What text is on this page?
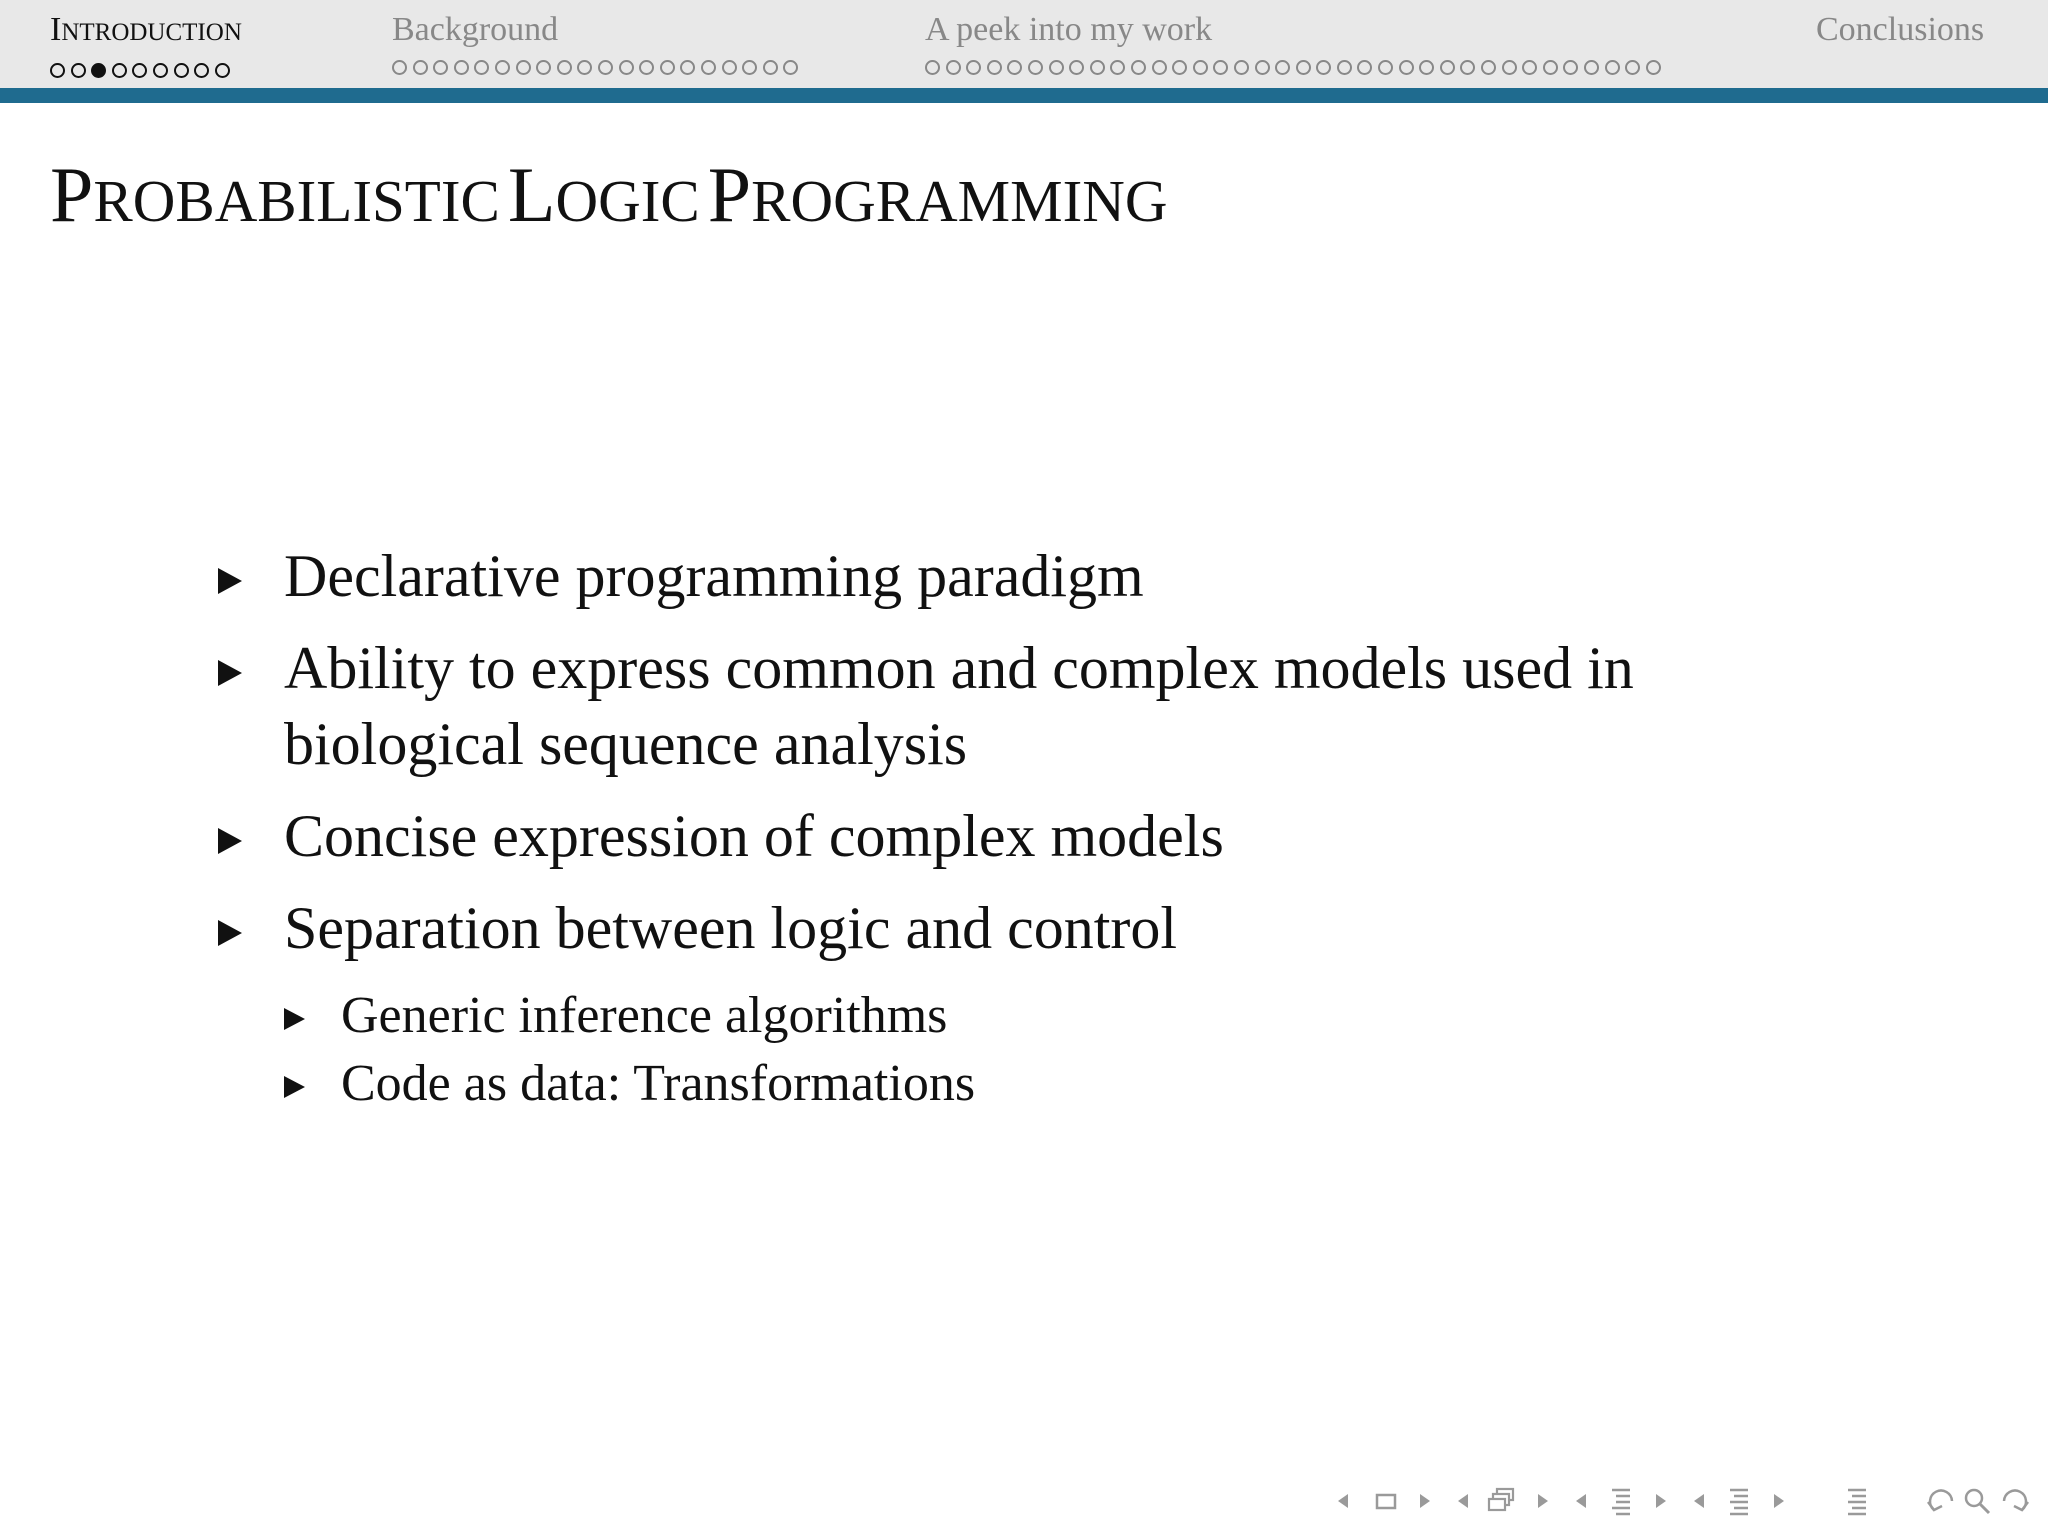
INTRODUCTION	Background	A peek into my work	Conclusions
PROBABILISTIC LOGIC PROGRAMMING
Declarative programming paradigm
Ability to express common and complex models used in biological sequence analysis
Concise expression of complex models
Separation between logic and control
Generic inference algorithms
Code as data: Transformations
